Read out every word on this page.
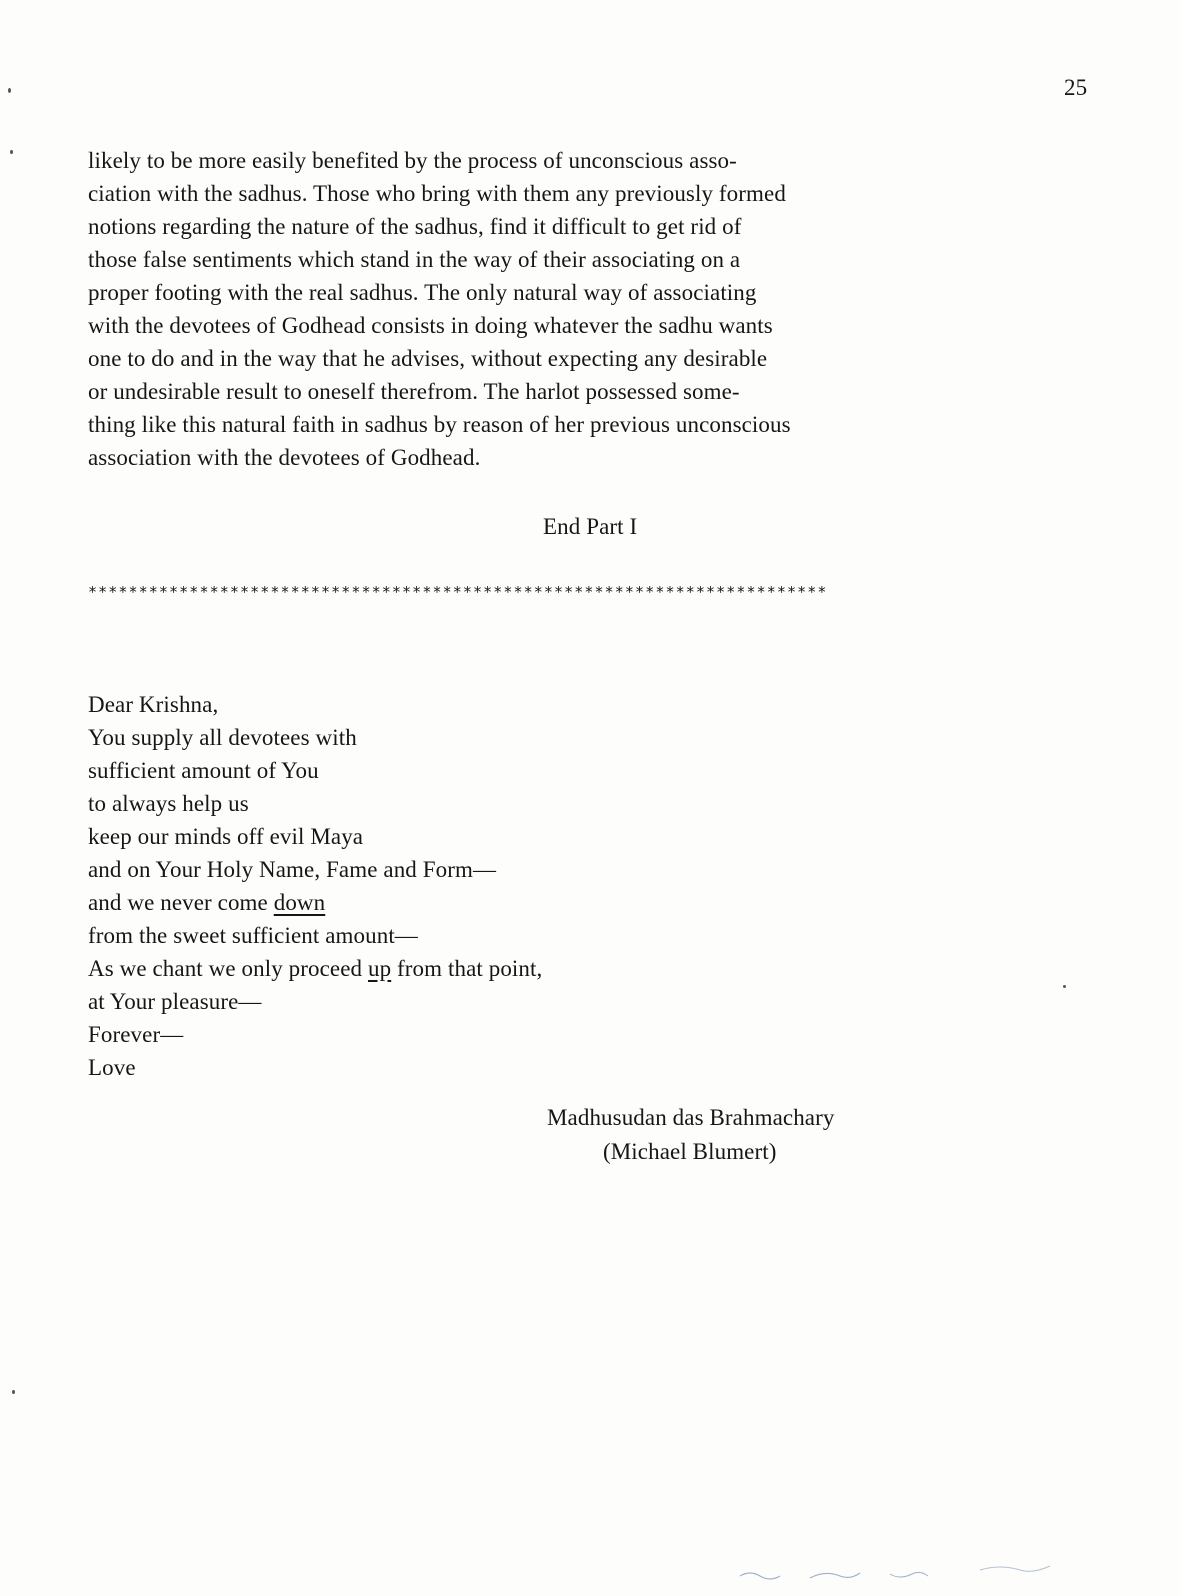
25
likely to be more easily benefited by the process of unconscious asso-
ciation with the sadhus. Those who bring with them any previously formed
notions regarding the nature of the sadhus, find it difficult to get rid of
those false sentiments which stand in the way of their associating on a
proper footing with the real sadhus. The only natural way of associating
with the devotees of Godhead consists in doing whatever the sadhu wants
one to do and in the way that he advises, without expecting any desirable
or undesirable result to oneself therefrom. The harlot possessed some-
thing like this natural faith in sadhus by reason of her previous unconscious
association with the devotees of Godhead.
End Part I
*************************************************************************
Dear Krishna,
You supply all devotees with
sufficient amount of You
to always help us
keep our minds off evil Maya
and on Your Holy Name, Fame and Form—
and we never come down
from the sweet sufficient amount—
As we chant we only proceed up from that point,
at Your pleasure—
Forever—
Love
Madhusudan das Brahmachary
(Michael Blumert)
